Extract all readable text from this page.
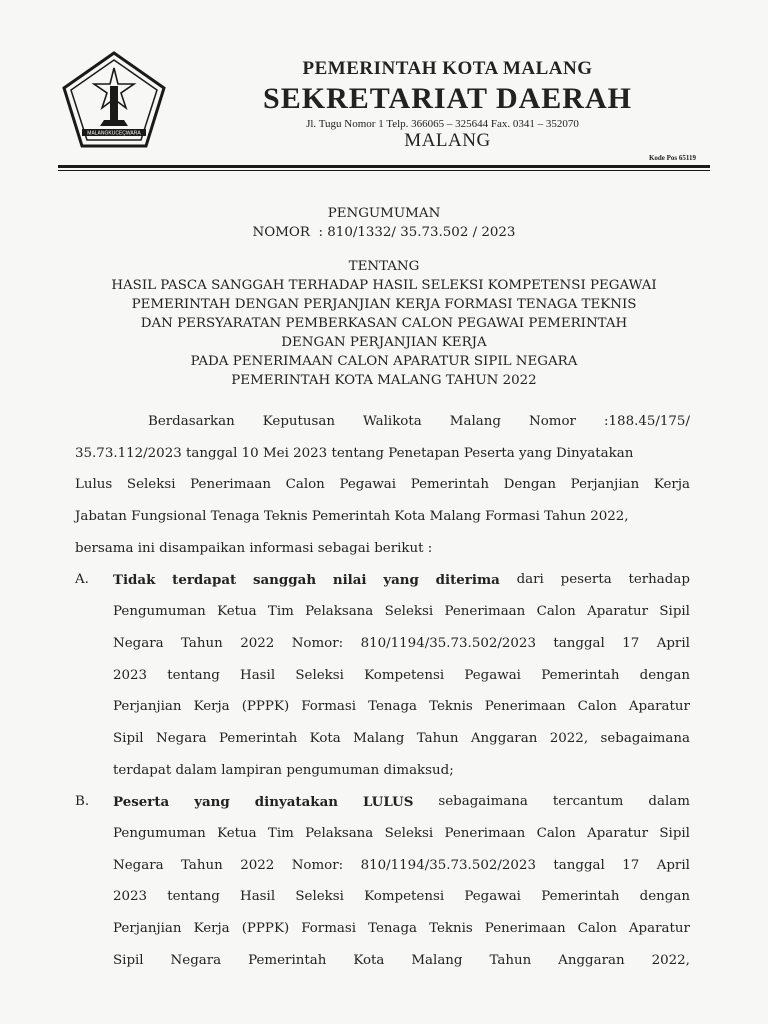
MALANGKUCEÇWARA
PEMERINTAH KOTA MALANG
SEKRETARIAT DAERAH
Jl. Tugu Nomor 1 Telp. 366065 – 325644 Fax. 0341 – 352070
MALANG
Kode Pos 65119
PENGUMUMAN
NOMOR  : 810/1332/ 35.73.502 / 2023
TENTANG
HASIL PASCA SANGGAH TERHADAP HASIL SELEKSI KOMPETENSI PEGAWAI
PEMERINTAH DENGAN PERJANJIAN KERJA FORMASI TENAGA TEKNIS
DAN PERSYARATAN PEMBERKASAN CALON PEGAWAI PEMERINTAH
DENGAN PERJANJIAN KERJA
PADA PENERIMAAN CALON APARATUR SIPIL NEGARA
PEMERINTAH KOTA MALANG TAHUN 2022
Berdasarkan Keputusan Walikota Malang Nomor :188.45/175/
35.73.112/2023 tanggal 10 Mei 2023 tentang Penetapan Peserta yang Dinyatakan
Lulus Seleksi Penerimaan Calon Pegawai Pemerintah Dengan Perjanjian Kerja
Jabatan Fungsional Tenaga Teknis Pemerintah Kota Malang Formasi Tahun 2022,
bersama ini disampaikan informasi sebagai berikut :
Tidak terdapat sanggah nilai yang diterima dari peserta terhadap
A.
Pengumuman Ketua Tim Pelaksana Seleksi Penerimaan Calon Aparatur Sipil
Negara Tahun 2022 Nomor: 810/1194/35.73.502/2023 tanggal 17 April
2023 tentang Hasil Seleksi Kompetensi Pegawai Pemerintah dengan
Perjanjian Kerja (PPPK) Formasi Tenaga Teknis Penerimaan Calon Aparatur
Sipil Negara Pemerintah Kota Malang Tahun Anggaran 2022, sebagaimana
terdapat dalam lampiran pengumuman dimaksud;
Peserta yang dinyatakan LULUS sebagaimana tercantum dalam
B.
Pengumuman Ketua Tim Pelaksana Seleksi Penerimaan Calon Aparatur Sipil
Negara Tahun 2022 Nomor: 810/1194/35.73.502/2023 tanggal 17 April
2023 tentang Hasil Seleksi Kompetensi Pegawai Pemerintah dengan
Perjanjian Kerja (PPPK) Formasi Tenaga Teknis Penerimaan Calon Aparatur
Sipil Negara Pemerintah Kota Malang Tahun Anggaran 2022,
